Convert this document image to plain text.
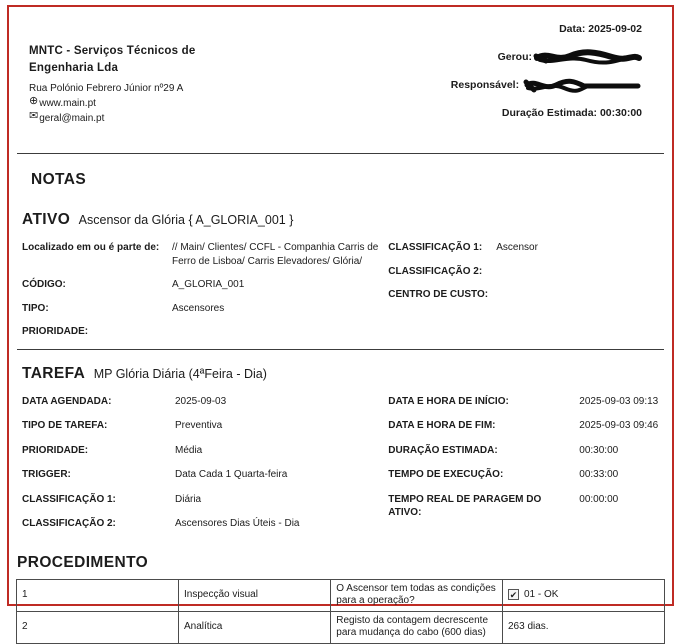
MNTC - Serviços Técnicos de
Engenharia Lda
Rua Polónio Febrero Júnior nº29 A
⊕ www.main.pt
✉ geral@main.pt
Data: 2025-09-02
Gerou:
Responsável:
Duração Estimada: 00:30:00
NOTAS
ATIVO Ascensor da Glória { A_GLORIA_001 }
Localizado em ou é parte de:	// Main/ Clientes/ CCFL - Companhia Carris de Ferro de Lisboa/ Carris Elevadores/ Glória/
CÓDIGO:	A_GLORIA_001
TIPO:	Ascensores
PRIORIDADE:
CLASSIFICAÇÃO 1:	Ascensor
CLASSIFICAÇÃO 2:
CENTRO DE CUSTO:
TAREFA MP Glória Diária (4ªFeira - Dia)
DATA AGENDADA:	2025-09-03
TIPO DE TAREFA:	Preventiva
PRIORIDADE:	Média
TRIGGER:	Data Cada 1 Quarta-feira
CLASSIFICAÇÃO 1:	Diária
CLASSIFICAÇÃO 2:	Ascensores Dias Úteis - Dia
DATA E HORA DE INÍCIO:	2025-09-03 09:13
DATA E HORA DE FIM:	2025-09-03 09:46
DURAÇÃO ESTIMADA:	00:30:00
TEMPO DE EXECUÇÃO:	00:33:00
TEMPO REAL DE PARAGEM DO ATIVO:
00:00:00
PROCEDIMENTO
1	Inspecção visual	O Ascensor tem todas as condições para a operação?	✔ 01 - OK
2	Analítica	Registo da contagem decrescente para mudança do cabo (600 dias)	263 dias.
